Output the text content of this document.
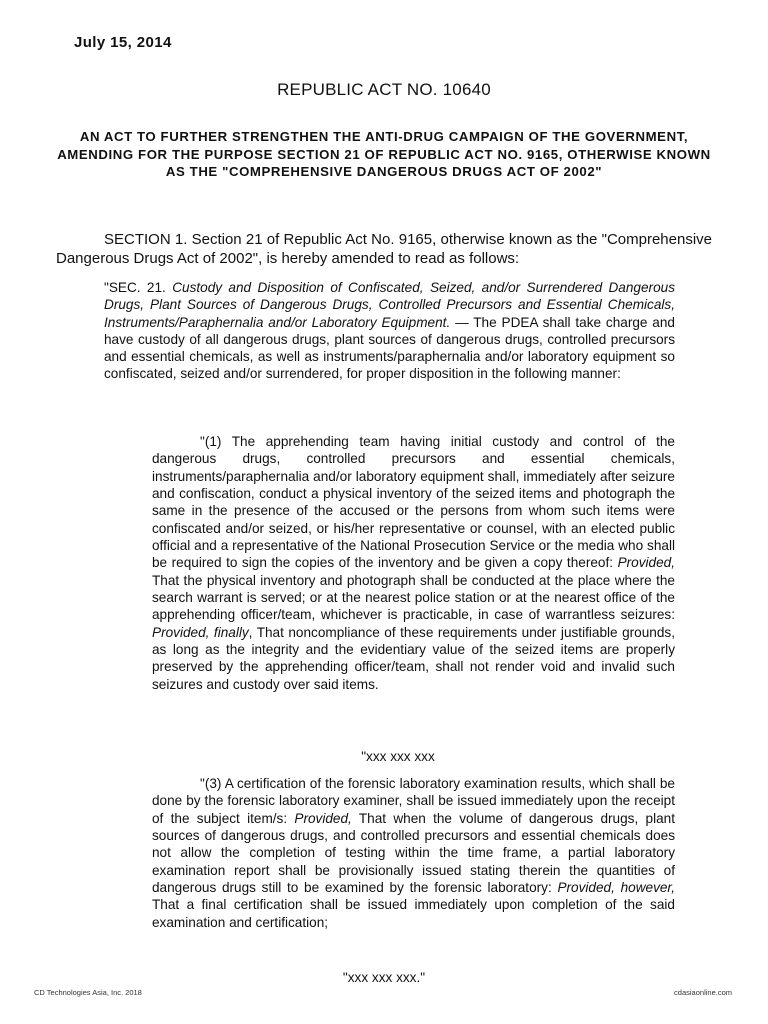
July 15, 2014
REPUBLIC ACT NO. 10640
AN ACT TO FURTHER STRENGTHEN THE ANTI-DRUG CAMPAIGN OF THE GOVERNMENT, AMENDING FOR THE PURPOSE SECTION 21 OF REPUBLIC ACT NO. 9165, OTHERWISE KNOWN AS THE "COMPREHENSIVE DANGEROUS DRUGS ACT OF 2002"
SECTION 1. Section 21 of Republic Act No. 9165, otherwise known as the "Comprehensive Dangerous Drugs Act of 2002", is hereby amended to read as follows:
"SEC. 21. Custody and Disposition of Confiscated, Seized, and/or Surrendered Dangerous Drugs, Plant Sources of Dangerous Drugs, Controlled Precursors and Essential Chemicals, Instruments/Paraphernalia and/or Laboratory Equipment. — The PDEA shall take charge and have custody of all dangerous drugs, plant sources of dangerous drugs, controlled precursors and essential chemicals, as well as instruments/paraphernalia and/or laboratory equipment so confiscated, seized and/or surrendered, for proper disposition in the following manner:
"(1) The apprehending team having initial custody and control of the dangerous drugs, controlled precursors and essential chemicals, instruments/paraphernalia and/or laboratory equipment shall, immediately after seizure and confiscation, conduct a physical inventory of the seized items and photograph the same in the presence of the accused or the persons from whom such items were confiscated and/or seized, or his/her representative or counsel, with an elected public official and a representative of the National Prosecution Service or the media who shall be required to sign the copies of the inventory and be given a copy thereof: Provided, That the physical inventory and photograph shall be conducted at the place where the search warrant is served; or at the nearest police station or at the nearest office of the apprehending officer/team, whichever is practicable, in case of warrantless seizures: Provided, finally, That noncompliance of these requirements under justifiable grounds, as long as the integrity and the evidentiary value of the seized items are properly preserved by the apprehending officer/team, shall not render void and invalid such seizures and custody over said items.
"xxx xxx xxx
"(3) A certification of the forensic laboratory examination results, which shall be done by the forensic laboratory examiner, shall be issued immediately upon the receipt of the subject item/s: Provided, That when the volume of dangerous drugs, plant sources of dangerous drugs, and controlled precursors and essential chemicals does not allow the completion of testing within the time frame, a partial laboratory examination report shall be provisionally issued stating therein the quantities of dangerous drugs still to be examined by the forensic laboratory: Provided, however, That a final certification shall be issued immediately upon completion of the said examination and certification;
"xxx xxx xxx."
CD Technologies Asia, Inc. 2018	cdasiaonline.com
